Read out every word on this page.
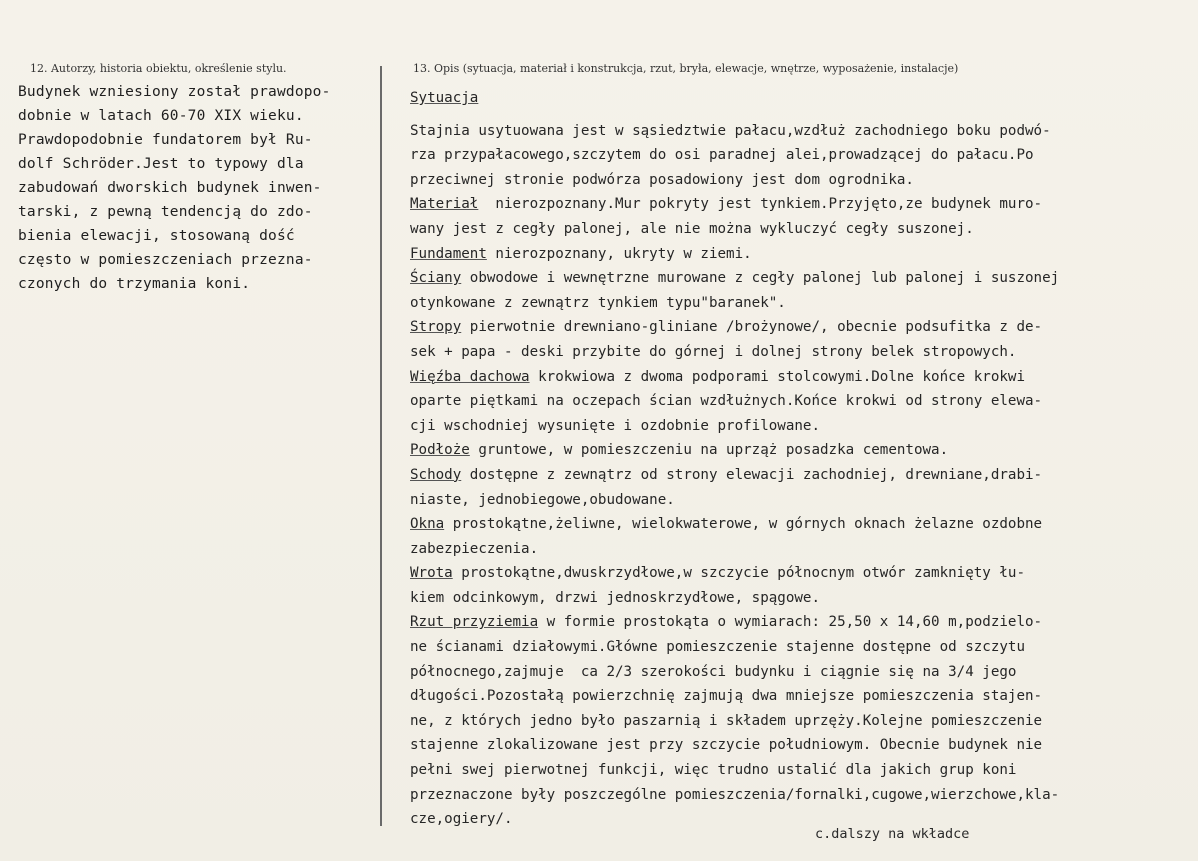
12. Autorzy, historia obiektu, określenie stylu.	13. Opis (sytuacja, materiał i konstrukcja, rzut, bryła, elewacje, wnętrze, wyposażenie, instalacje)
Budynek wzniesiony został prawdopo-
dobnie w latach 60-70 XIX wieku.
Prawdopodobnie fundatorem był Ru-
dolf Schröder.Jest to typowy dla
zabudowań dworskich budynek inwen-
tarski, z pewną tendencją do zdo-
bienia elewacji, stosowaną dość
często w pomieszczeniach przezna-
czonych do trzymania koni.
Sytuacja
Stajnia usytuowana jest w sąsiedztwie pałacu,wzdłuż zachodniego boku podwó-
rza przypałacowego,szczytem do osi paradnej alei,prowadzącej do pałacu.Po
przeciwnej stronie podwórza posadowiony jest dom ogrodnika.
Materiał  nierozpoznany.Mur pokryty jest tynkiem.Przyjęto,ze budynek muro-
wany jest z cegły palonej, ale nie można wykluczyć cegły suszonej.
Fundament nierozpoznany, ukryty w ziemi.
Ściany obwodowe i wewnętrzne murowane z cegły palonej lub palonej i suszonej
otynkowane z zewnątrz tynkiem typu"baranek".
Stropy pierwotnie drewniano-gliniane /brożynowe/, obecnie podsufitka z de-
sek + papa - deski przybite do górnej i dolnej strony belek stropowych.
Więźba dachowa krokwiowa z dwoma podporami stolcowymi.Dolne końce krokwi
oparte piętkami na oczepach ścian wzdłużnych.Końce krokwi od strony elewa-
cji wschodniej wysunięte i ozdobnie profilowane.
Podłoże gruntowe, w pomieszczeniu na uprząż posadzka cementowa.
Schody dostępne z zewnątrz od strony elewacji zachodniej, drewniane,drabi-
niaste, jednobiegowe,obudowane.
Okna prostokątne,żeliwne, wielokwaterowe, w górnych oknach żelazne ozdobne
zabezpieczenia.
Wrota prostokątne,dwuskrzydłowe,w szczycie północnym otwór zamknięty łu-
kiem odcinkowym, drzwi jednoskrzydłowe, spągowe.
Rzut przyziemia w formie prostokąta o wymiarach: 25,50 x 14,60 m,podzielo-
ne ścianami działowymi.Główne pomieszczenie stajenne dostępne od szczytu
północnego,zajmuje  ca 2/3 szerokości budynku i ciągnie się na 3/4 jego
długości.Pozostałą powierzchnię zajmują dwa mniejsze pomieszczenia stajen-
ne, z których jedno było paszarnią i składem uprzęży.Kolejne pomieszczenie
stajenne zlokalizowane jest przy szczycie południowym. Obecnie budynek nie
pełni swej pierwotnej funkcji, więc trudno ustalić dla jakich grup koni
przeznaczone były poszczególne pomieszczenia/fornalki,cugowe,wierzchowe,kla-
cze,ogiery/.
c.dalszy na wkładce
